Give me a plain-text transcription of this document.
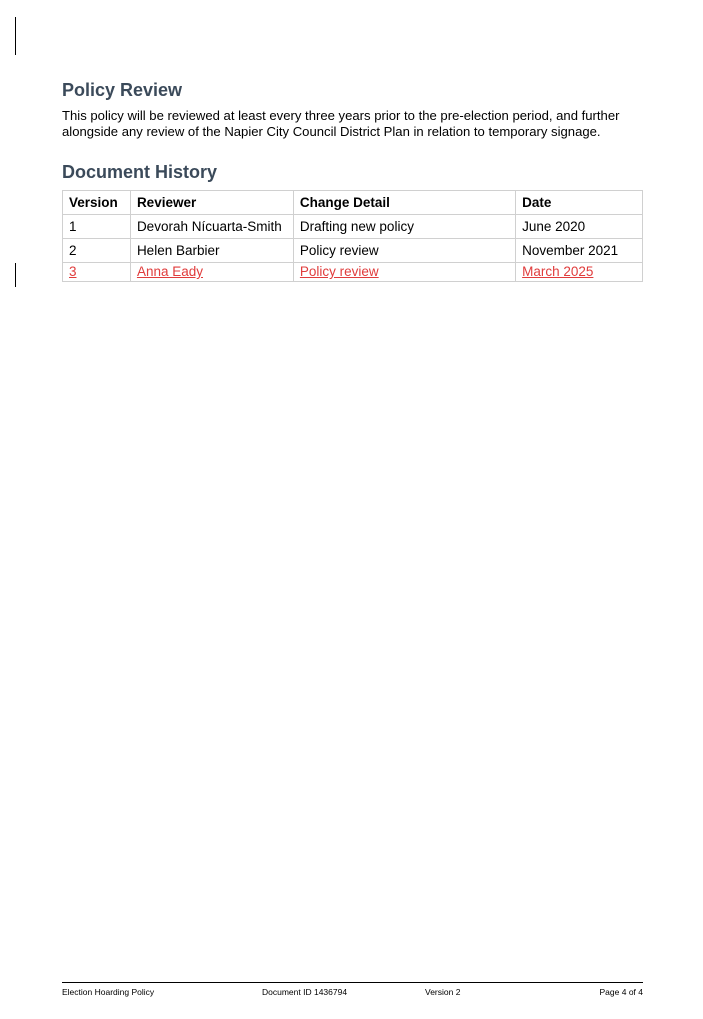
Policy Review

This policy will be reviewed at least every three years prior to the pre-election period, and further alongside any review of the Napier City Council District Plan in relation to temporary signage.

Document History
Version	Reviewer	Change Detail	Date
1	Devorah Nícuarta-Smith	Drafting new policy	June 2020
2	Helen Barbier	Policy review	November 2021
3	Anna Eady	Policy review	March 2025
Election Hoarding Policy	Document ID 1436794	Version 2	Page 4 of 4
